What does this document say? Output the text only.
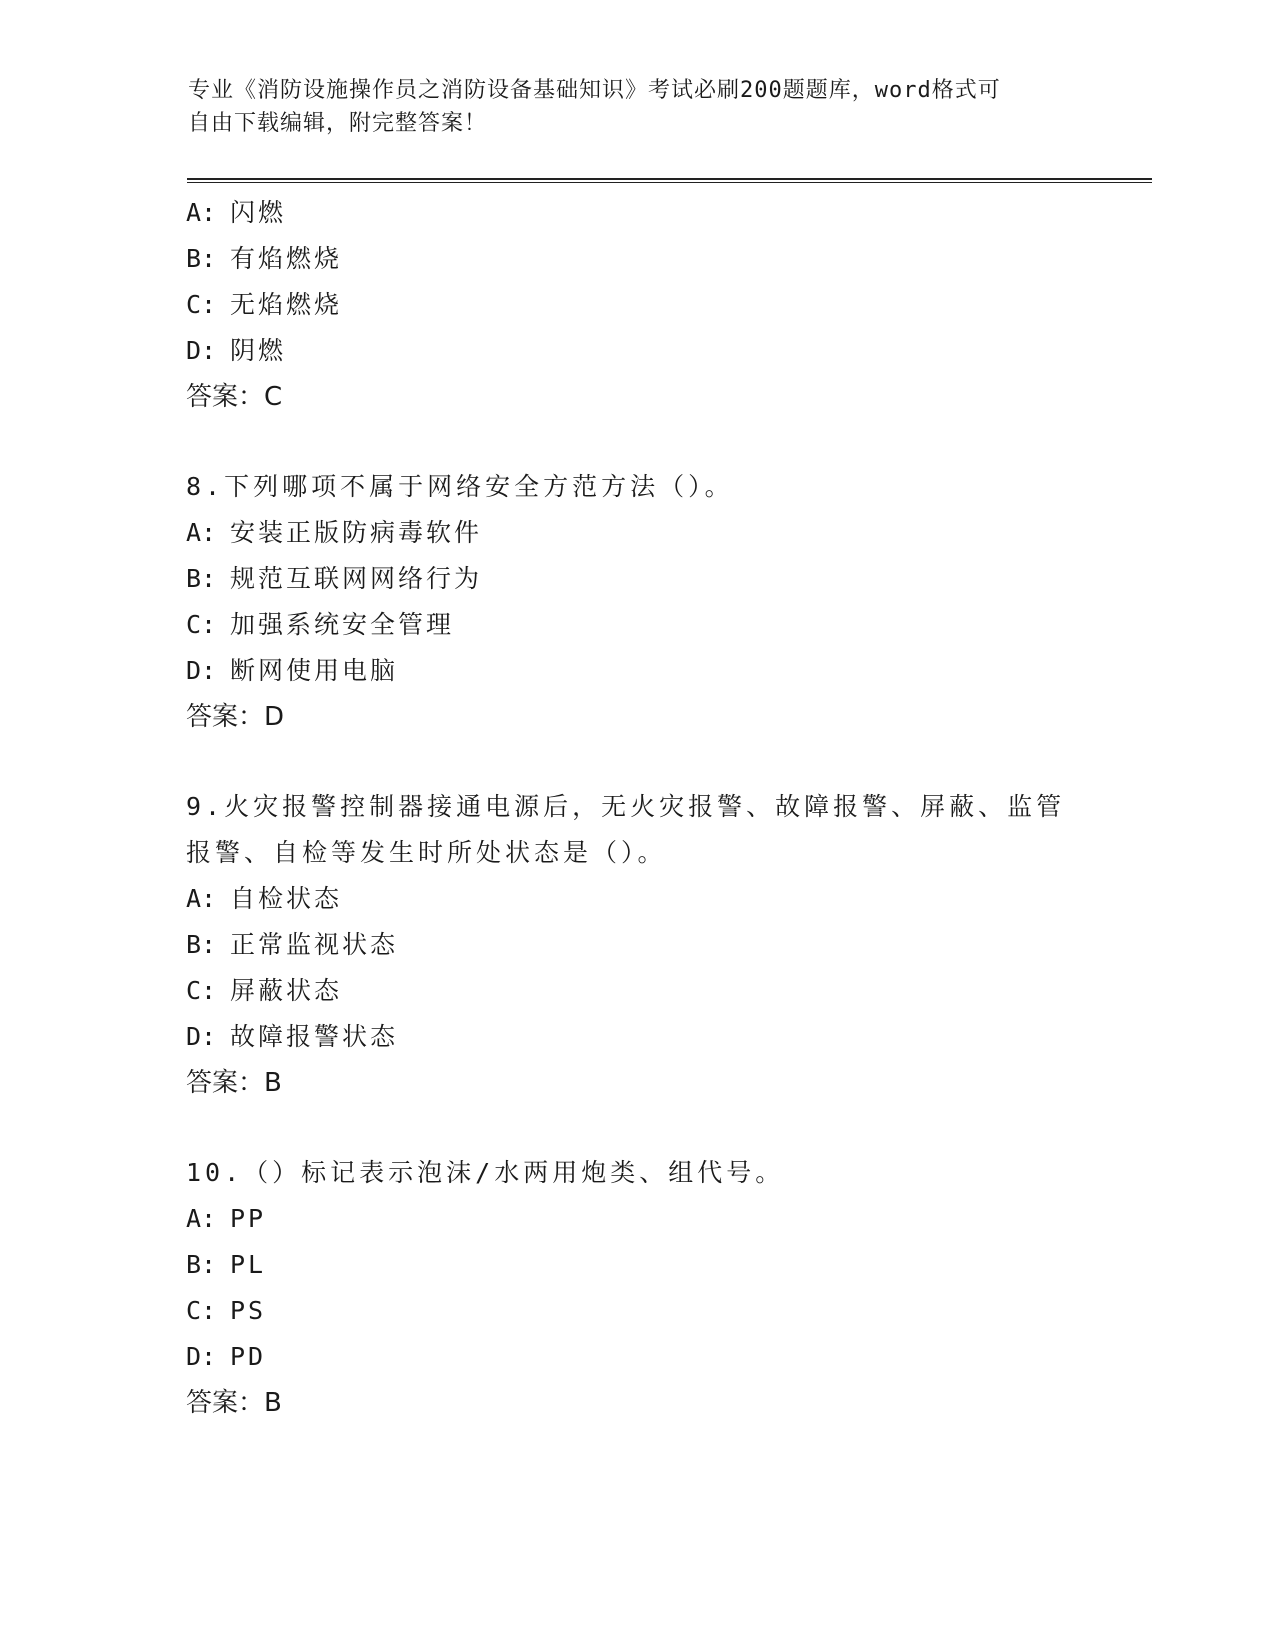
专业《消防设施操作员之消防设备基础知识》考试必刷200题题库，word格式可
自由下载编辑，附完整答案！
A: 闪燃
B: 有焰燃烧
C: 无焰燃烧
D: 阴燃
答案：C
8.下列哪项不属于网络安全方范方法（）。
A: 安装正版防病毒软件
B: 规范互联网网络行为
C: 加强系统安全管理
D: 断网使用电脑
答案：D
9.火灾报警控制器接通电源后，无火灾报警、故障报警、屏蔽、监管
报警、自检等发生时所处状态是（）。
A: 自检状态
B: 正常监视状态
C: 屏蔽状态
D: 故障报警状态
答案：B
10.（）标记表示泡沫/水两用炮类、组代号。
A: PP
B: PL
C: PS
D: PD
答案：B
